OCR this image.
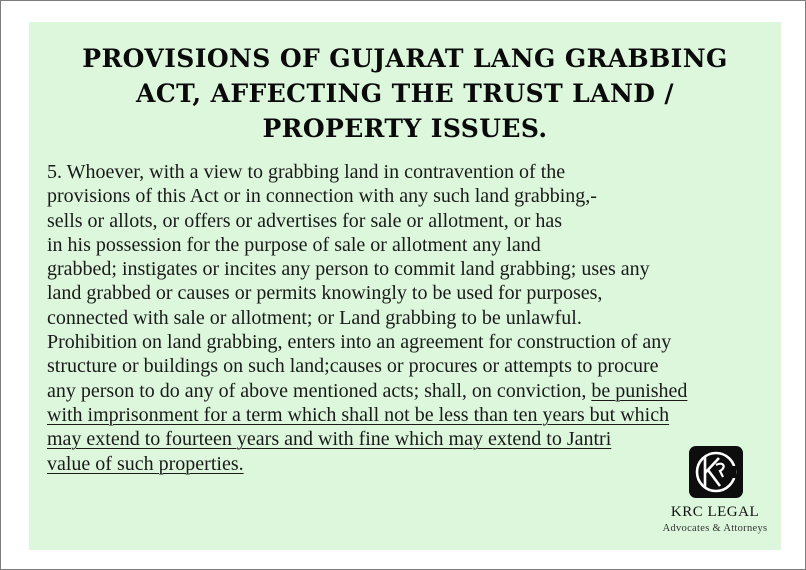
PROVISIONS OF GUJARAT LANG GRABBING
ACT, AFFECTING THE TRUST LAND /
PROPERTY ISSUES.
5. Whoever, with a view to grabbing land in contravention of the
provisions of this Act or in connection with any such land grabbing,-
sells or allots, or offers or advertises for sale or allotment, or has
in his possession for the purpose of sale or allotment any land
grabbed; instigates or incites any person to commit land grabbing; uses any
land grabbed or causes or permits knowingly to be used for purposes,
connected with sale or allotment; or Land grabbing to be unlawful.
Prohibition on land grabbing, enters into an agreement for construction of any
structure or buildings on such land;causes or procures or attempts to procure
any person to do any of above mentioned acts; shall, on conviction, be punished
with imprisonment for a term which shall not be less than ten years but which
may extend to fourteen years and with fine which may extend to Jantri
value of such properties.
KRC LEGAL
Advocates & Attorneys
